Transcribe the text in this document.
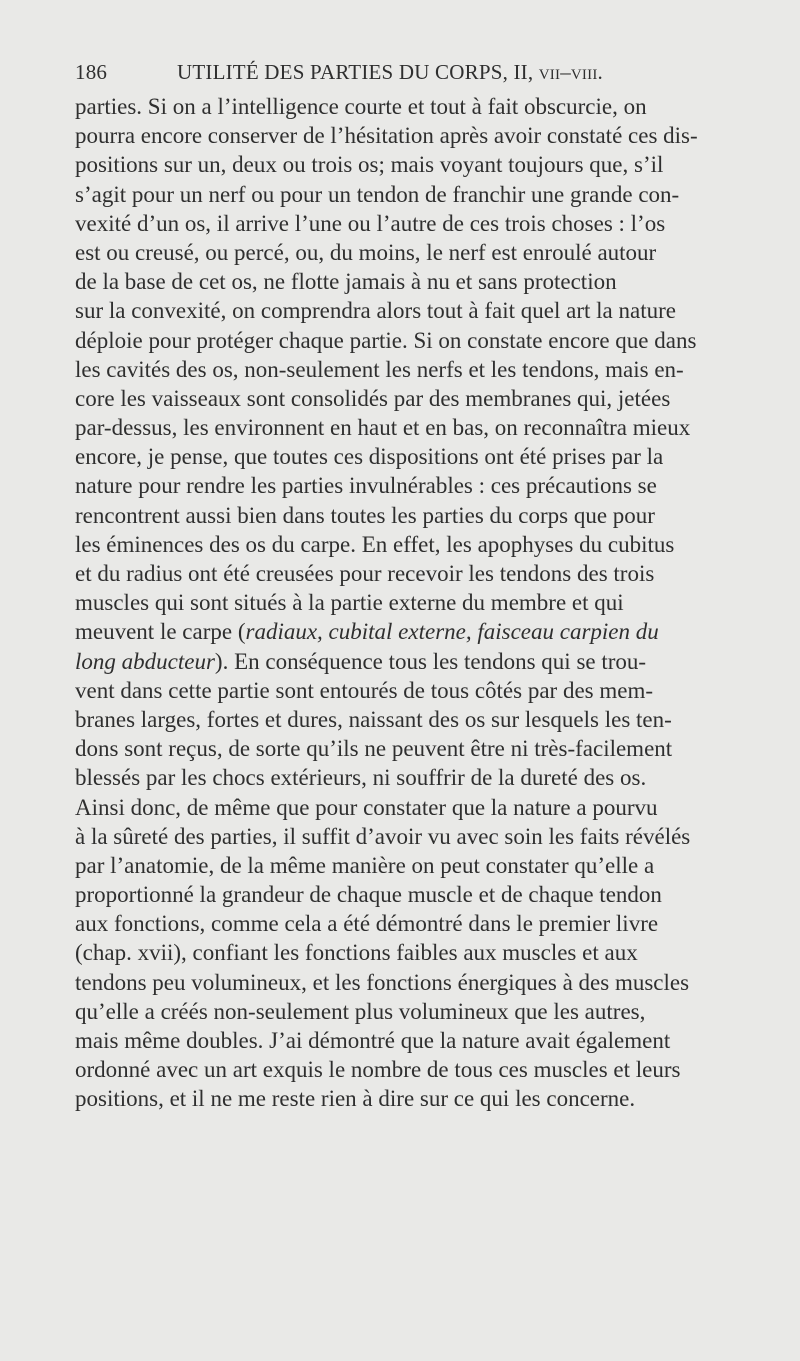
186	UTILITÉ DES PARTIES DU CORPS, II, vii–viii.
parties. Si on a l’intelligence courte et tout à fait obscurcie, on
pourra encore conserver de l’hésitation après avoir constaté ces dis-
positions sur un, deux ou trois os; mais voyant toujours que, s’il
s’agit pour un nerf ou pour un tendon de franchir une grande con-
vexité d’un os, il arrive l’une ou l’autre de ces trois choses : l’os
est ou creusé, ou percé, ou, du moins, le nerf est enroulé autour
de la base de cet os, ne flotte jamais à nu et sans protection
sur la convexité, on comprendra alors tout à fait quel art la nature
déploie pour protéger chaque partie. Si on constate encore que dans
les cavités des os, non-seulement les nerfs et les tendons, mais en-
core les vaisseaux sont consolidés par des membranes qui, jetées
par-dessus, les environnent en haut et en bas, on reconnaîtra mieux
encore, je pense, que toutes ces dispositions ont été prises par la
nature pour rendre les parties invulnérables : ces précautions se
rencontrent aussi bien dans toutes les parties du corps que pour
les éminences des os du carpe. En effet, les apophyses du cubitus
et du radius ont été creusées pour recevoir les tendons des trois
muscles qui sont situés à la partie externe du membre et qui
meuvent le carpe (radiaux, cubital externe, faisceau carpien du
long abducteur). En conséquence tous les tendons qui se trou-
vent dans cette partie sont entourés de tous côtés par des mem-
branes larges, fortes et dures, naissant des os sur lesquels les ten-
dons sont reçus, de sorte qu’ils ne peuvent être ni très-facilement
blessés par les chocs extérieurs, ni souffrir de la dureté des os.
Ainsi donc, de même que pour constater que la nature a pourvu
à la sûreté des parties, il suffit d’avoir vu avec soin les faits révélés
par l’anatomie, de la même manière on peut constater qu’elle a
proportionné la grandeur de chaque muscle et de chaque tendon
aux fonctions, comme cela a été démontré dans le premier livre
(chap. xvii), confiant les fonctions faibles aux muscles et aux
tendons peu volumineux, et les fonctions énergiques à des muscles
qu’elle a créés non-seulement plus volumineux que les autres,
mais même doubles. J’ai démontré que la nature avait également
ordonné avec un art exquis le nombre de tous ces muscles et leurs
positions, et il ne me reste rien à dire sur ce qui les concerne.
